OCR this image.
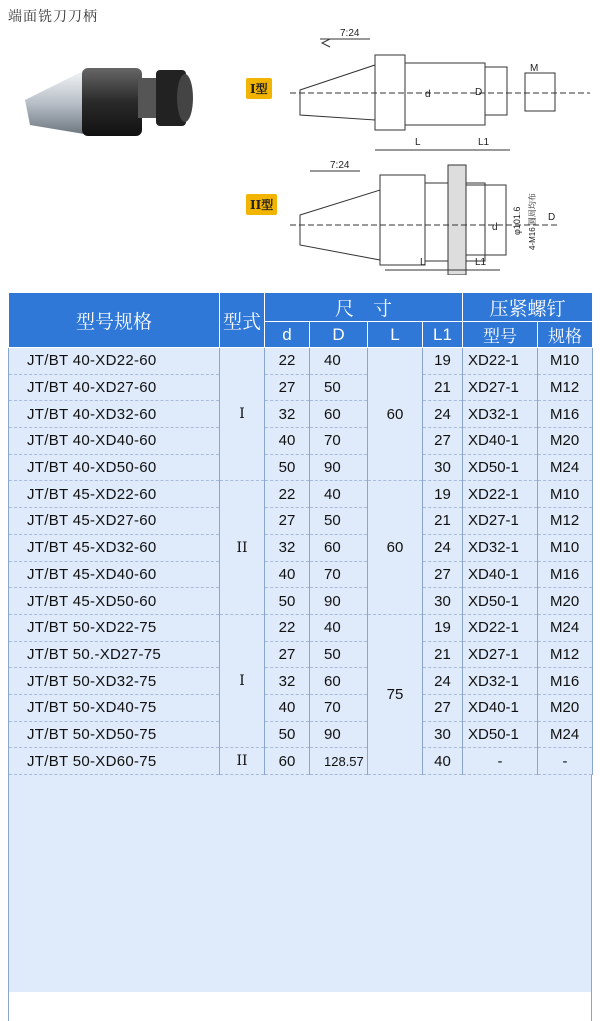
端面铣刀刀柄
7:24
d	D
M
L	L1
7:24
L	L1
d φ101.6 4-M16 圆周均布 D
I型
II型
型号规格	型式	尺　寸				压紧螺钉	
		d	D	L	L1	型号	规格
JT/BT 40-XD22-60	I	22	40	60	19	XD22-1	M10
JT/BT 40-XD27-60		27	50		21	XD27-1	M12
JT/BT 40-XD32-60		32	60		24	XD32-1	M16
JT/BT 40-XD40-60		40	70		27	XD40-1	M20
JT/BT 40-XD50-60		50	90		30	XD50-1	M24
JT/BT 45-XD22-60	II	22	40	60	19	XD22-1	M10
JT/BT 45-XD27-60		27	50		21	XD27-1	M12
JT/BT 45-XD32-60		32	60		24	XD32-1	M10
JT/BT 45-XD40-60		40	70		27	XD40-1	M16
JT/BT 45-XD50-60		50	90		30	XD50-1	M20
JT/BT 50-XD22-75	I	22	40	75	19	XD22-1	M24
JT/BT 50.-XD27-75		27	50		21	XD27-1	M12
JT/BT 50-XD32-75		32	60		24	XD32-1	M16
JT/BT 50-XD40-75		40	70		27	XD40-1	M20
JT/BT 50-XD50-75		50	90		30	XD50-1	M24
JT/BT 50-XD60-75	II	60	128.57		40	-	-
